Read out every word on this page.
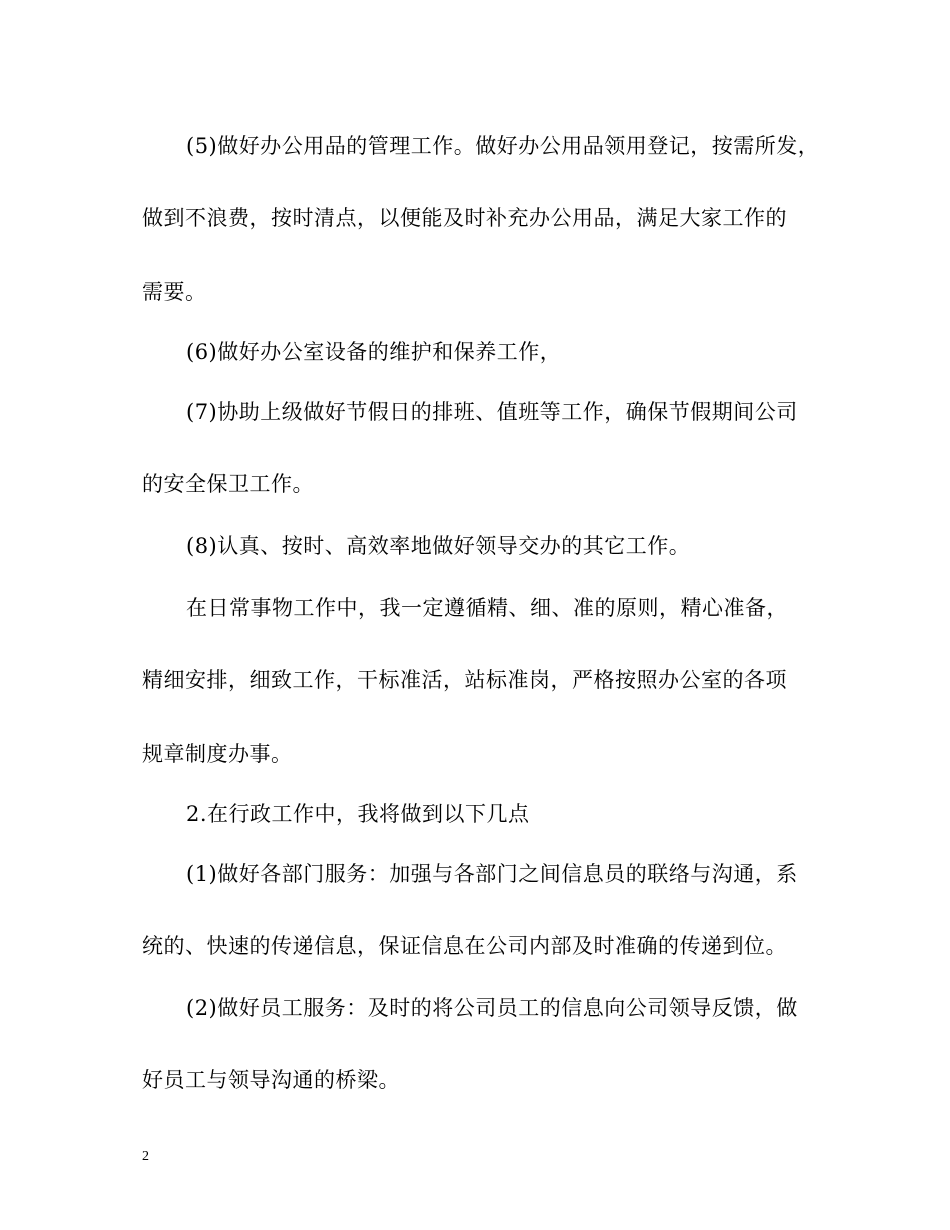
(5)做好办公用品的管理工作。做好办公用品领用登记，按需所发，
做到不浪费，按时清点，以便能及时补充办公用品，满足大家工作的
需要。
(6)做好办公室设备的维护和保养工作，
(7)协助上级做好节假日的排班、值班等工作，确保节假期间公司
的安全保卫工作。
(8)认真、按时、高效率地做好领导交办的其它工作。
在日常事物工作中，我一定遵循精、细、准的原则，精心准备，
精细安排，细致工作，干标准活，站标准岗，严格按照办公室的各项
规章制度办事。
2.在行政工作中，我将做到以下几点
(1)做好各部门服务：加强与各部门之间信息员的联络与沟通，系
统的、快速的传递信息，保证信息在公司内部及时准确的传递到位。
(2)做好员工服务：及时的将公司员工的信息向公司领导反馈，做
好员工与领导沟通的桥梁。
2
